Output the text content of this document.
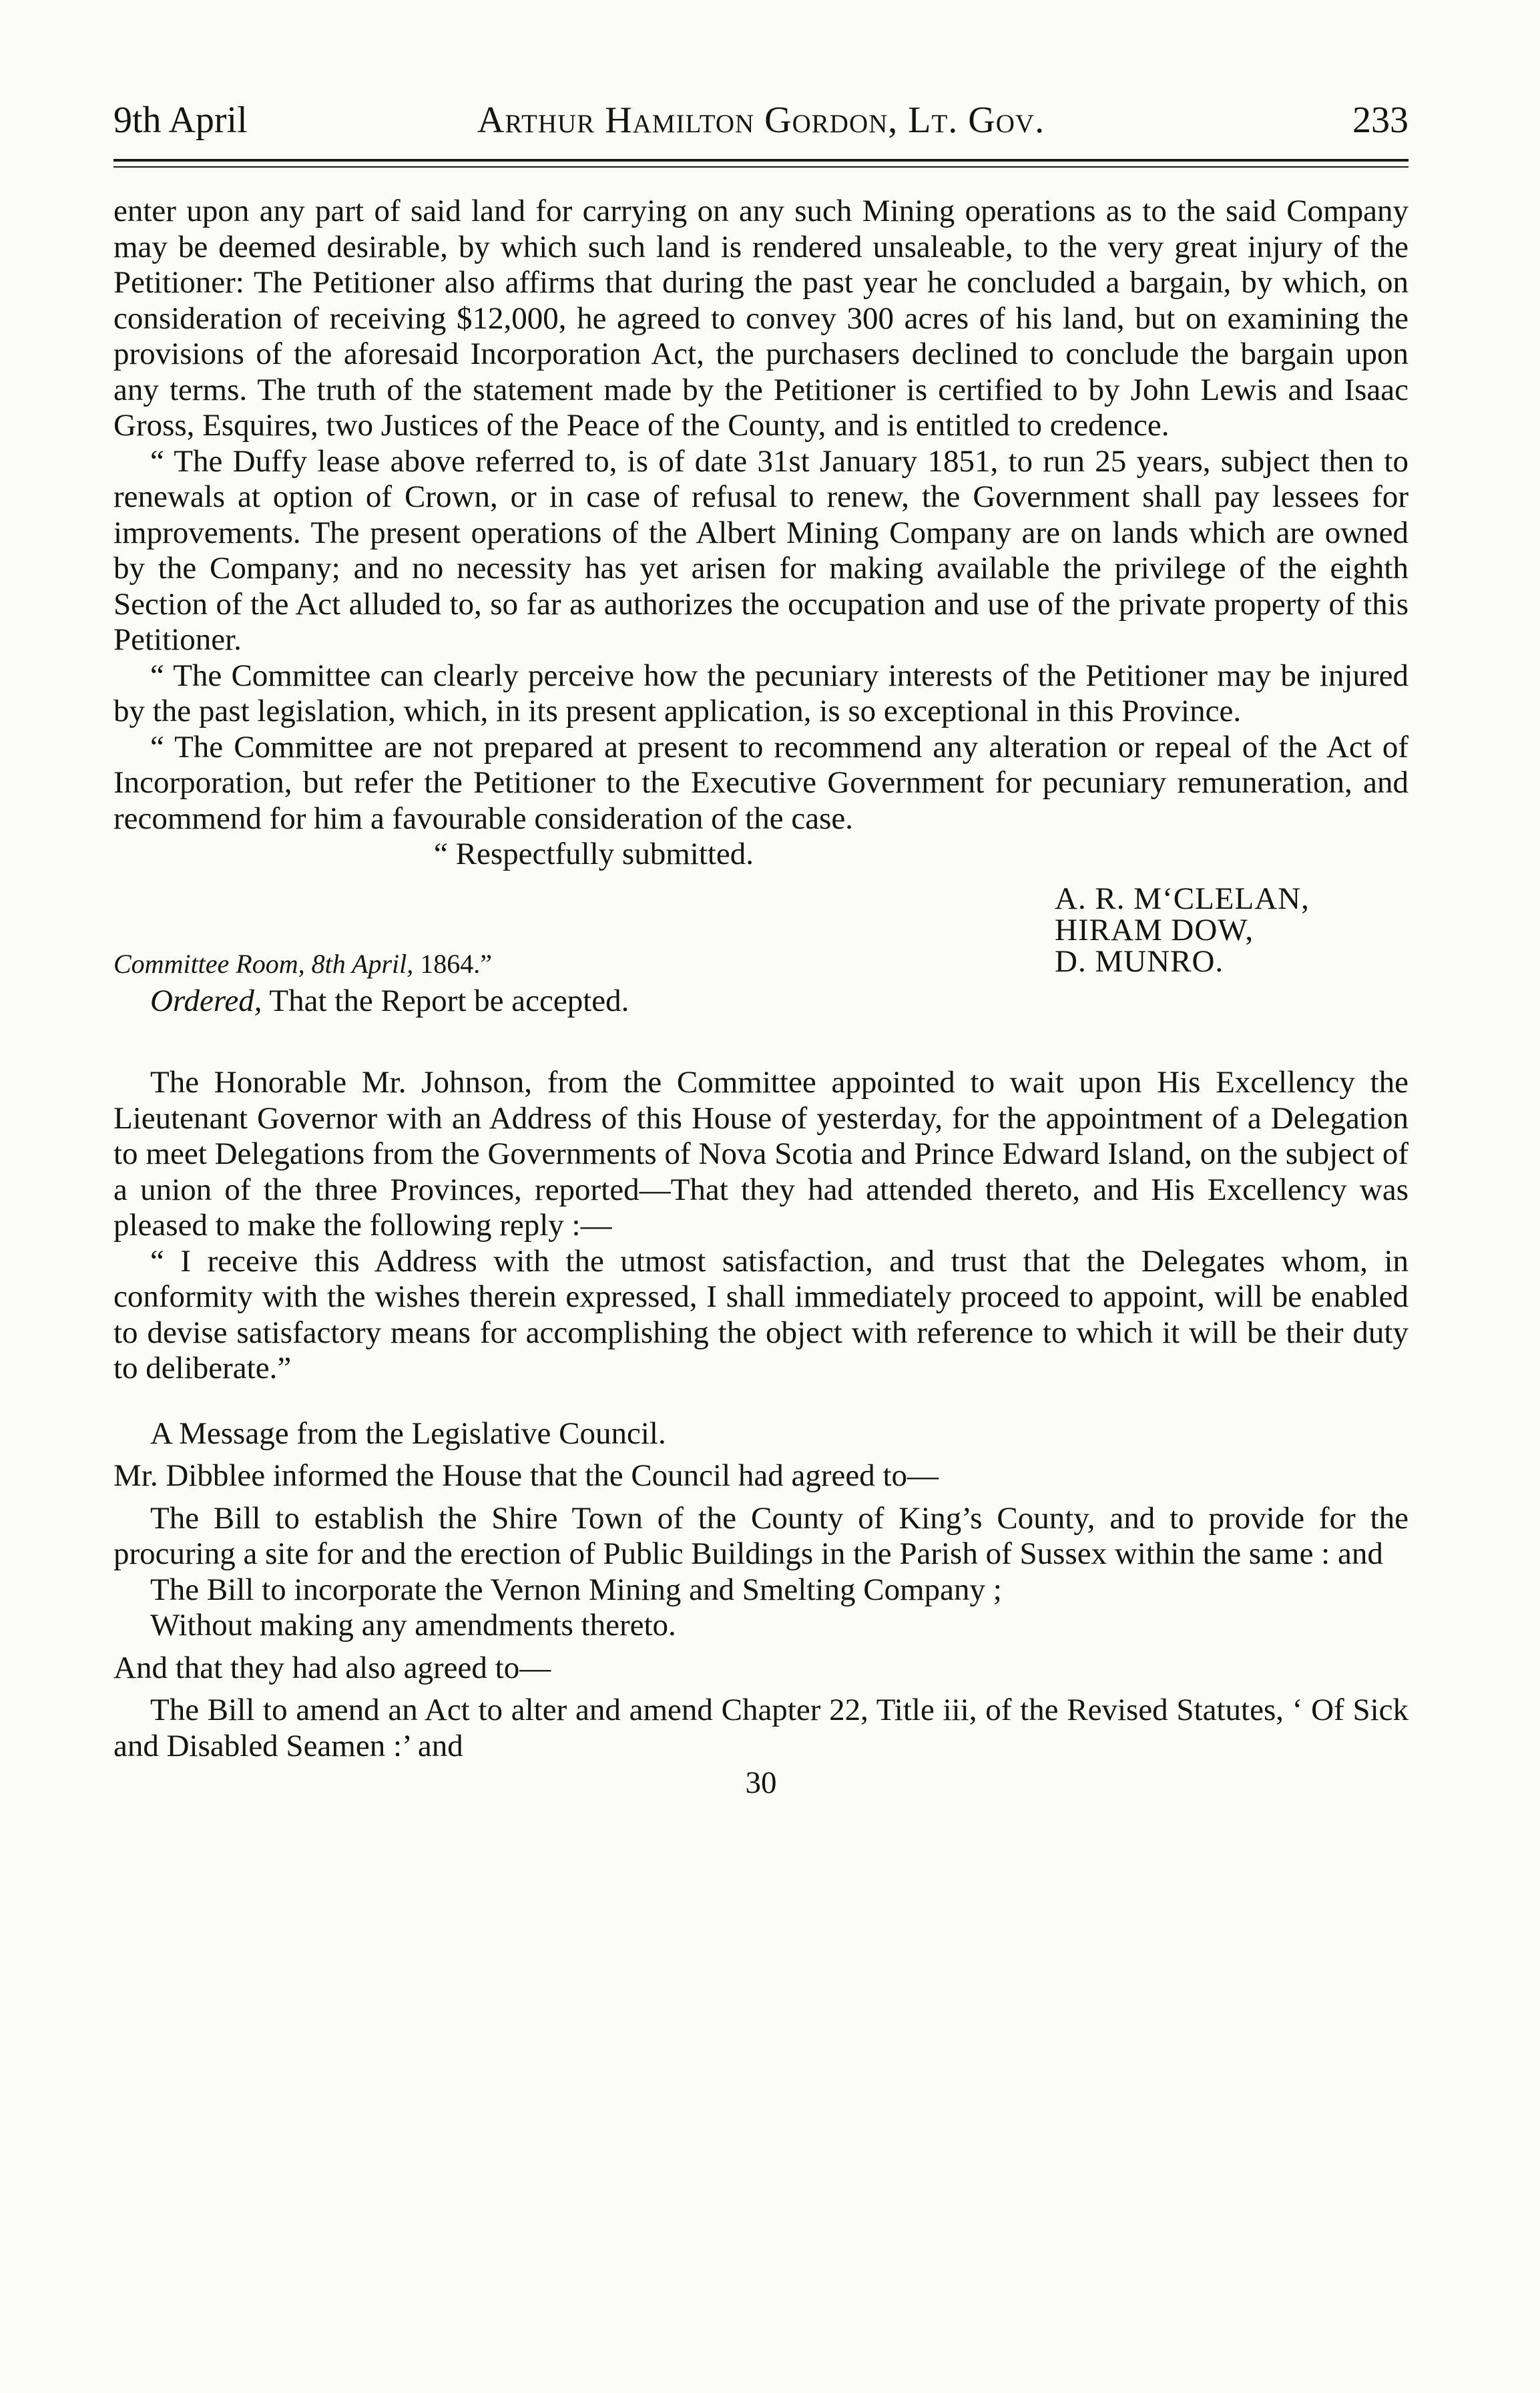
9th April	Arthur Hamilton Gordon, Lt. Gov.	233

enter upon any part of said land for carrying on any such Mining operations as to the said Company may be deemed desirable, by which such land is rendered unsaleable, to the very great injury of the Petitioner: The Petitioner also affirms that during the past year he concluded a bargain, by which, on consideration of receiving $12,000, he agreed to convey 300 acres of his land, but on examining the provisions of the aforesaid Incorporation Act, the purchasers declined to conclude the bargain upon any terms. The truth of the statement made by the Petitioner is certified to by John Lewis and Isaac Gross, Esquires, two Justices of the Peace of the County, and is entitled to credence.

“ The Duffy lease above referred to, is of date 31st January 1851, to run 25 years, subject then to renewals at option of Crown, or in case of refusal to renew, the Government shall pay lessees for improvements. The present operations of the Albert Mining Company are on lands which are owned by the Company; and no necessity has yet arisen for making available the privilege of the eighth Section of the Act alluded to, so far as authorizes the occupation and use of the private property of this Petitioner.

“ The Committee can clearly perceive how the pecuniary interests of the Petitioner may be injured by the past legislation, which, in its present application, is so exceptional in this Province.

“ The Committee are not prepared at present to recommend any alteration or repeal of the Act of Incorporation, but refer the Petitioner to the Executive Government for pecuniary remuneration, and recommend for him a favourable consideration of the case.

“ Respectfully submitted.
A. R. M‘CLELAN,
HIRAM DOW,
D. MUNRO.
Committee Room, 8th April, 1864.”
Ordered, That the Report be accepted.

The Honorable Mr. Johnson, from the Committee appointed to wait upon His Excellency the Lieutenant Governor with an Address of this House of yesterday, for the appointment of a Delegation to meet Delegations from the Governments of Nova Scotia and Prince Edward Island, on the subject of a union of the three Provinces, reported—That they had attended thereto, and His Excellency was pleased to make the following reply :—

“ I receive this Address with the utmost satisfaction, and trust that the Delegates whom, in conformity with the wishes therein expressed, I shall immediately proceed to appoint, will be enabled to devise satisfactory means for accomplishing the object with reference to which it will be their duty to deliberate.”

A Message from the Legislative Council.

Mr. Dibblee informed the House that the Council had agreed to—

The Bill to establish the Shire Town of the County of King’s County, and to provide for the procuring a site for and the erection of Public Buildings in the Parish of Sussex within the same : and

The Bill to incorporate the Vernon Mining and Smelting Company ;

Without making any amendments thereto.

And that they had also agreed to—

The Bill to amend an Act to alter and amend Chapter 22, Title iii, of the Revised Statutes, ‘ Of Sick and Disabled Seamen :’ and

30
